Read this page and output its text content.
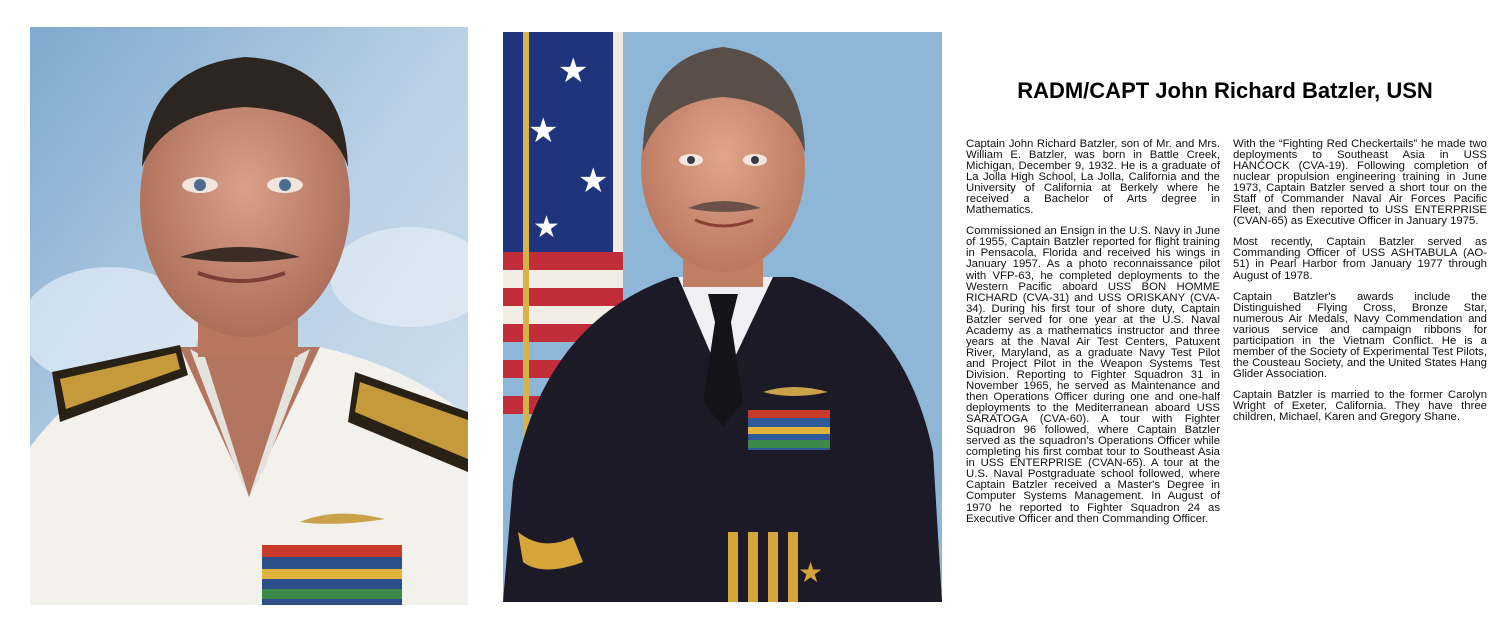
★
★
★
★
★
RADM/CAPT John Richard Batzler, USN

Captain John Richard Batzler, son of Mr. and Mrs. William E. Batzler, was born in Battle Creek, Michigan, December 9, 1932. He is a graduate of La Jolla High School, La Jolla, California and the University of California at Berkely where he received a Bachelor of Arts degree in Mathematics.

Commissioned an Ensign in the U.S. Navy in June of 1955, Captain Batzler reported for flight training in Pensacola, Florida and received his wings in January 1957. As a photo reconnaissance pilot with VFP-63, he completed deployments to the Western Pacific aboard USS BON HOMME RICHARD (CVA-31) and USS ORISKANY (CVA-34). During his first tour of shore duty, Captain Batzler served for one year at the U.S. Naval Academy as a mathematics instructor and three years at the Naval Air Test Centers, Patuxent River, Maryland, as a graduate Navy Test Pilot and Project Pilot in the Weapon Systems Test Division. Reporting to Fighter Squadron 31 in November 1965, he served as Maintenance and then Operations Officer during one and one-half deployments to the Mediterranean aboard USS SARATOGA (CVA-60). A tour with Fighter Squadron 96 followed, where Captain Batzler served as the squadron's Operations Officer while completing his first combat tour to Southeast Asia in USS ENTERPRISE (CVAN-65). A tour at the U.S. Naval Postgraduate school followed, where Captain Batzler received a Master's Degree in Computer Systems Management. In August of 1970 he reported to Fighter Squadron 24 as Executive Officer and then Commanding Officer.

With the “Fighting Red Checkertails” he made two deployments to Southeast Asia in USS HANCOCK (CVA-19). Following completion of nuclear propulsion engineering training in June 1973, Captain Batzler served a short tour on the Staff of Commander Naval Air Forces Pacific Fleet, and then reported to USS ENTERPRISE (CVAN-65) as Executive Officer in January 1975.

Most recently, Captain Batzler served as Commanding Officer of USS ASHTABULA (AO-51) in Pearl Harbor from January 1977 through August of 1978.

Captain Batzler's awards include the Distinguished Flying Cross, Bronze Star, numerous Air Medals, Navy Commendation and various service and campaign ribbons for participation in the Vietnam Conflict. He is a member of the Society of Experimental Test Pilots, the Cousteau Society, and the United States Hang Glider Association.

Captain Batzler is married to the former Carolyn Wright of Exeter, California. They have three children, Michael, Karen and Gregory Shane.
